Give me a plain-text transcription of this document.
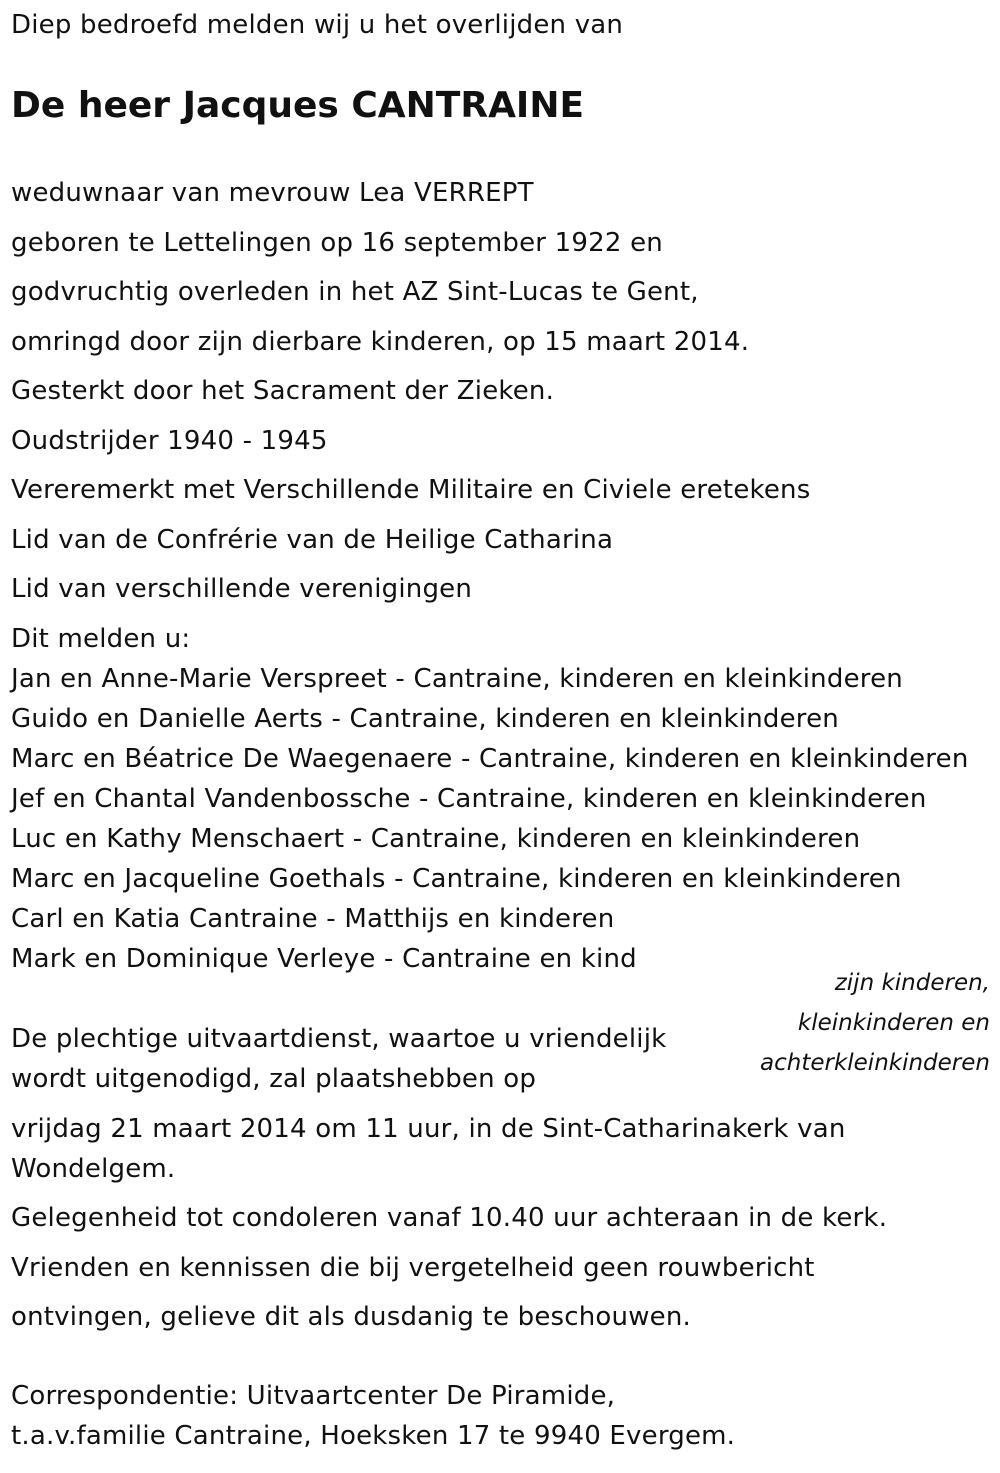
Diep bedroefd melden wij u het overlijden van
De heer Jacques CANTRAINE
weduwnaar van mevrouw Lea VERREPT
geboren te Lettelingen op 16 september 1922 en
godvruchtig overleden in het AZ Sint-Lucas te Gent,
omringd door zijn dierbare kinderen, op 15 maart 2014.
Gesterkt door het Sacrament der Zieken.
Oudstrijder 1940 - 1945
Vereremerkt met Verschillende Militaire en Civiele eretekens
Lid van de Confrérie van de Heilige Catharina
Lid van verschillende verenigingen
Dit melden u:
Jan en Anne-Marie Verspreet - Cantraine, kinderen en kleinkinderen
Guido en Danielle Aerts - Cantraine, kinderen en kleinkinderen
Marc en Béatrice De Waegenaere - Cantraine, kinderen en kleinkinderen
Jef en Chantal Vandenbossche - Cantraine, kinderen en kleinkinderen
Luc en Kathy Menschaert - Cantraine, kinderen en kleinkinderen
Marc en Jacqueline Goethals - Cantraine, kinderen en kleinkinderen
Carl en Katia Cantraine - Matthijs en kinderen
Mark en Dominique Verleye - Cantraine en kind
zijn kinderen,
kleinkinderen en
achterkleinkinderen
De plechtige uitvaartdienst, waartoe u vriendelijk
wordt uitgenodigd, zal plaatshebben op
vrijdag 21 maart 2014 om 11 uur, in de Sint-Catharinakerk van
Wondelgem.
Gelegenheid tot condoleren vanaf 10.40 uur achteraan in de kerk.
Vrienden en kennissen die bij vergetelheid geen rouwbericht
ontvingen, gelieve dit als dusdanig te beschouwen.
Correspondentie: Uitvaartcenter De Piramide,
t.a.v.familie Cantraine, Hoeksken 17 te 9940 Evergem.
